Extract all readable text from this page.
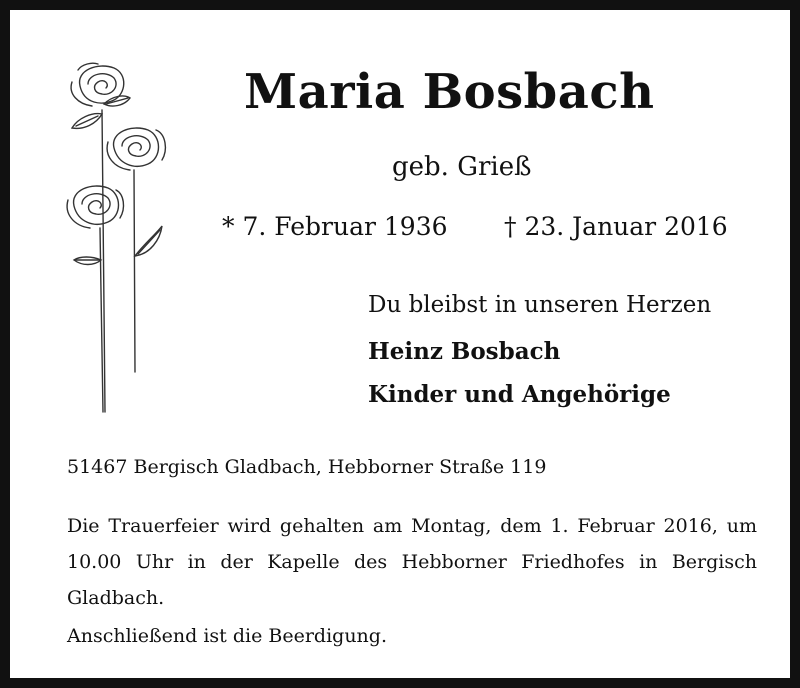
Maria Bosbach
geb. Grieß
* 7. Februar 1936 † 23. Januar 2016
Du bleibst in unseren Herzen
Heinz Bosbach
Kinder und Angehörige
51467 Bergisch Gladbach, Hebborner Straße 119
Die Trauerfeier wird gehalten am Montag, dem 1. Februar 2016, um 10.00 Uhr in der Kapelle des Hebborner Friedhofes in Bergisch Gladbach.
Anschließend ist die Beerdigung.
